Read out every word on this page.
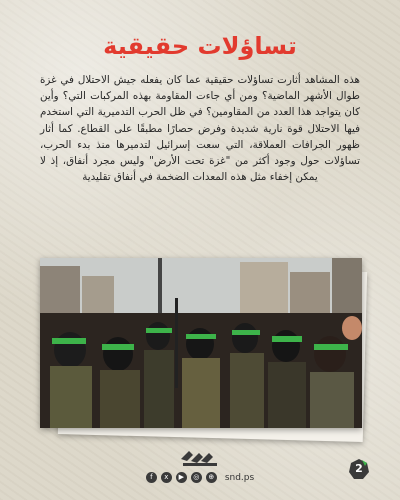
تساؤلات حقيقية
هذه المشاهد أثارت تساؤلات حقيقية عما كان يفعله جيش الاحتلال في غزة طوال الأشهر الماضية؟ ومن أي جاءت المقاومة بهذه المركبات التي؟ وأين كان يتواجد هذا العدد من المقاومين؟ في ظل الحرب التدميرية التي استخدم فيها الاحتلال قوة نارية شديدة وفرض حصارًا مطبقًا على القطاع. كما أثار ظهور الجرافات العملاقة، التي سعت إسرائيل لتدميرها منذ بدء الحرب، تساؤلات حول وجود أكثر من "غزة تحت الأرض" وليس مجرد أنفاق، إذ لا يمكن إخفاء مثل هذه المعدات الضخمة في أنفاق تقليدية
f	x	▶	◎	⊕ snd.ps
2
